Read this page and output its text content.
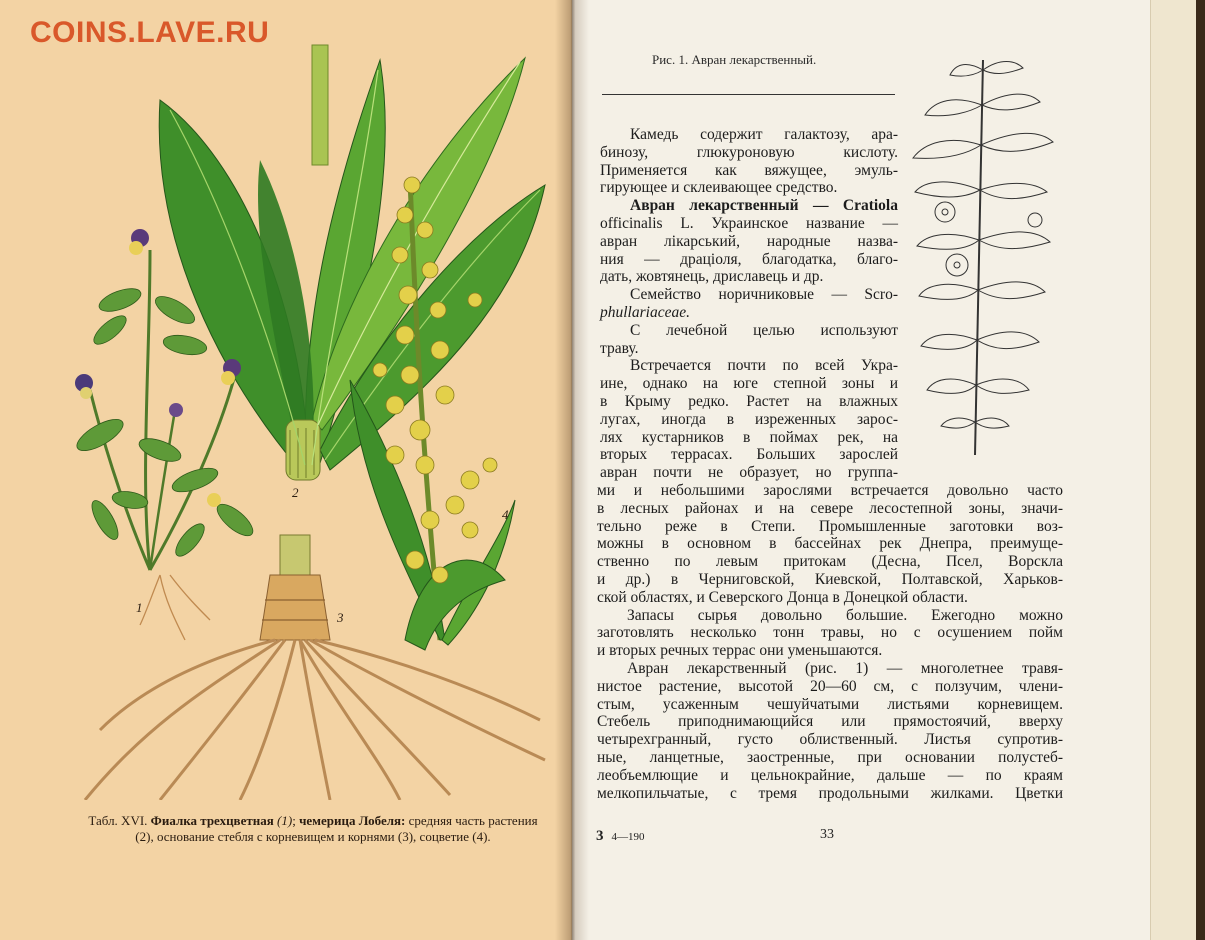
COINS.LAVE.RU
1
2
3
4
Табл. XVI. Фиалка трехцветная (1); чемерица Лобеля: средняя часть растения (2), основание стебля с корневищем и корнями (3), соцветие (4).
Рис. 1. Авран лекарственный.
Камедь содержит галактозу, ара-
бинозу, глюкуроновую кислоту.
Применяется как вяжущее, эмуль-
гирующее и склеивающее средство.
Авран лекарственный — Cratiola
officinalis L. Украинское название —
авран лікарський, народные назва-
ния — драціоля, благодатка, благо-
дать, жовтянець, дриславець и др.
Семейство норичниковые — Scro-
phullariaceae.
С лечебной целью используют
траву.
Встречается почти по всей Укра-
ине, однако на юге степной зоны и
в Крыму редко. Растет на влажных
лугах, иногда в изреженных зарос-
лях кустарников в поймах рек, на
вторых террасах. Больших зарослей
авран почти не образует, но группа-
ми и небольшими зарослями встречается довольно часто
в лесных районах и на севере лесостепной зоны, значи-
тельно реже в Степи. Промышленные заготовки воз-
можны в основном в бассейнах рек Днепра, преимуще-
ственно по левым притокам (Десна, Псел, Ворскла
и др.) в Черниговской, Киевской, Полтавской, Харьков-
ской областях, и Северского Донца в Донецкой области.
Запасы сырья довольно большие. Ежегодно можно
заготовлять несколько тонн травы, но с осушением пойм
и вторых речных террас они уменьшаются.
Авран лекарственный (рис. 1) — многолетнее травя-
нистое растение, высотой 20—60 см, с ползучим, члени-
стым, усаженным чешуйчатыми листьями корневищем.
Стебель приподнимающийся или прямостоячий, вверху
четырехгранный, густо облиственный. Листья супротив-
ные, ланцетные, заостренные, при основании полустеб-
леобъемлющие и цельнокрайние, дальше — по краям
мелкопильчатые, с тремя продольными жилками. Цветки
3 4—190	33
